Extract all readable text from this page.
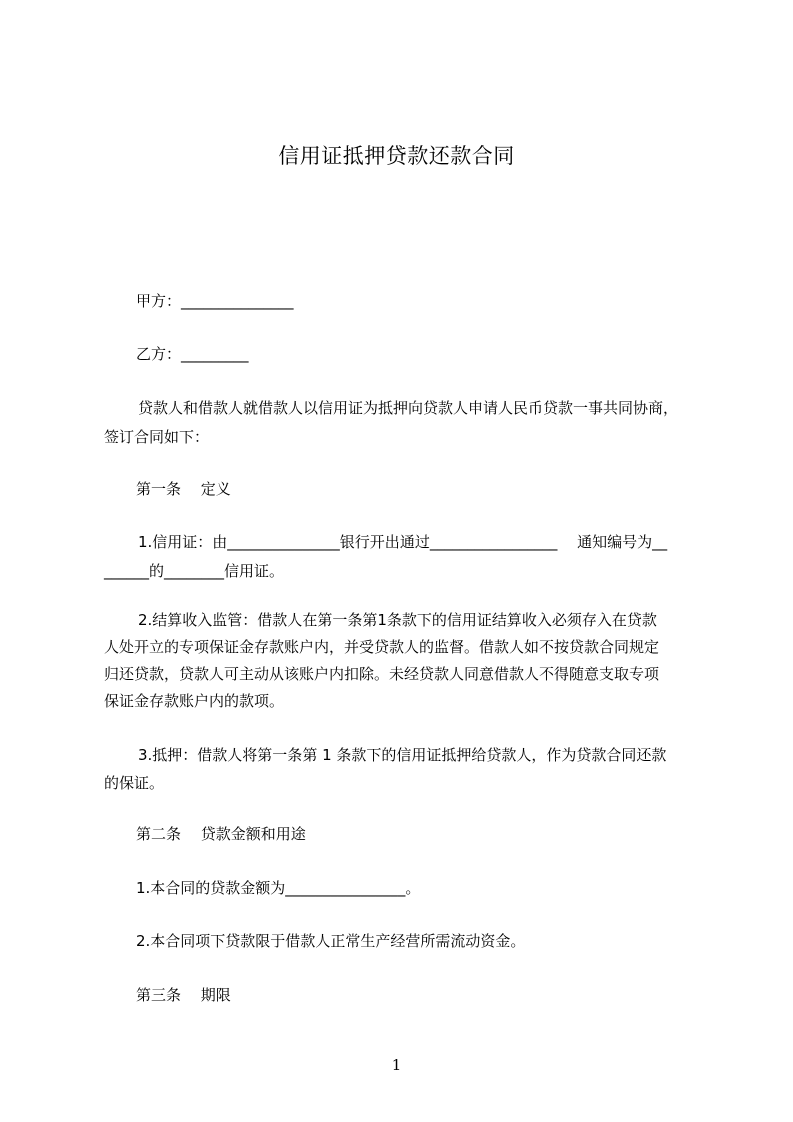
信用证抵押贷款还款合同
甲方：_______________
乙方：_________
贷款人和借款人就借款人以信用证为抵押向贷款人申请人民币贷款一事共同协商，
签订合同如下：
第一条　 定义
1.信用证：由_______________银行开出通过_________________　 通知编号为__
______的________信用证。
2.结算收入监管：借款人在第一条第1条款下的信用证结算收入必须存入在贷款
人处开立的专项保证金存款账户内，并受贷款人的监督。借款人如不按贷款合同规定
归还贷款，贷款人可主动从该账户内扣除。未经贷款人同意借款人不得随意支取专项
保证金存款账户内的款项。
3.抵押：借款人将第一条第 1 条款下的信用证抵押给贷款人，作为贷款合同还款
的保证。
第二条　 贷款金额和用途
1.本合同的贷款金额为________________。
2.本合同项下贷款限于借款人正常生产经营所需流动资金。
第三条　 期限
1
